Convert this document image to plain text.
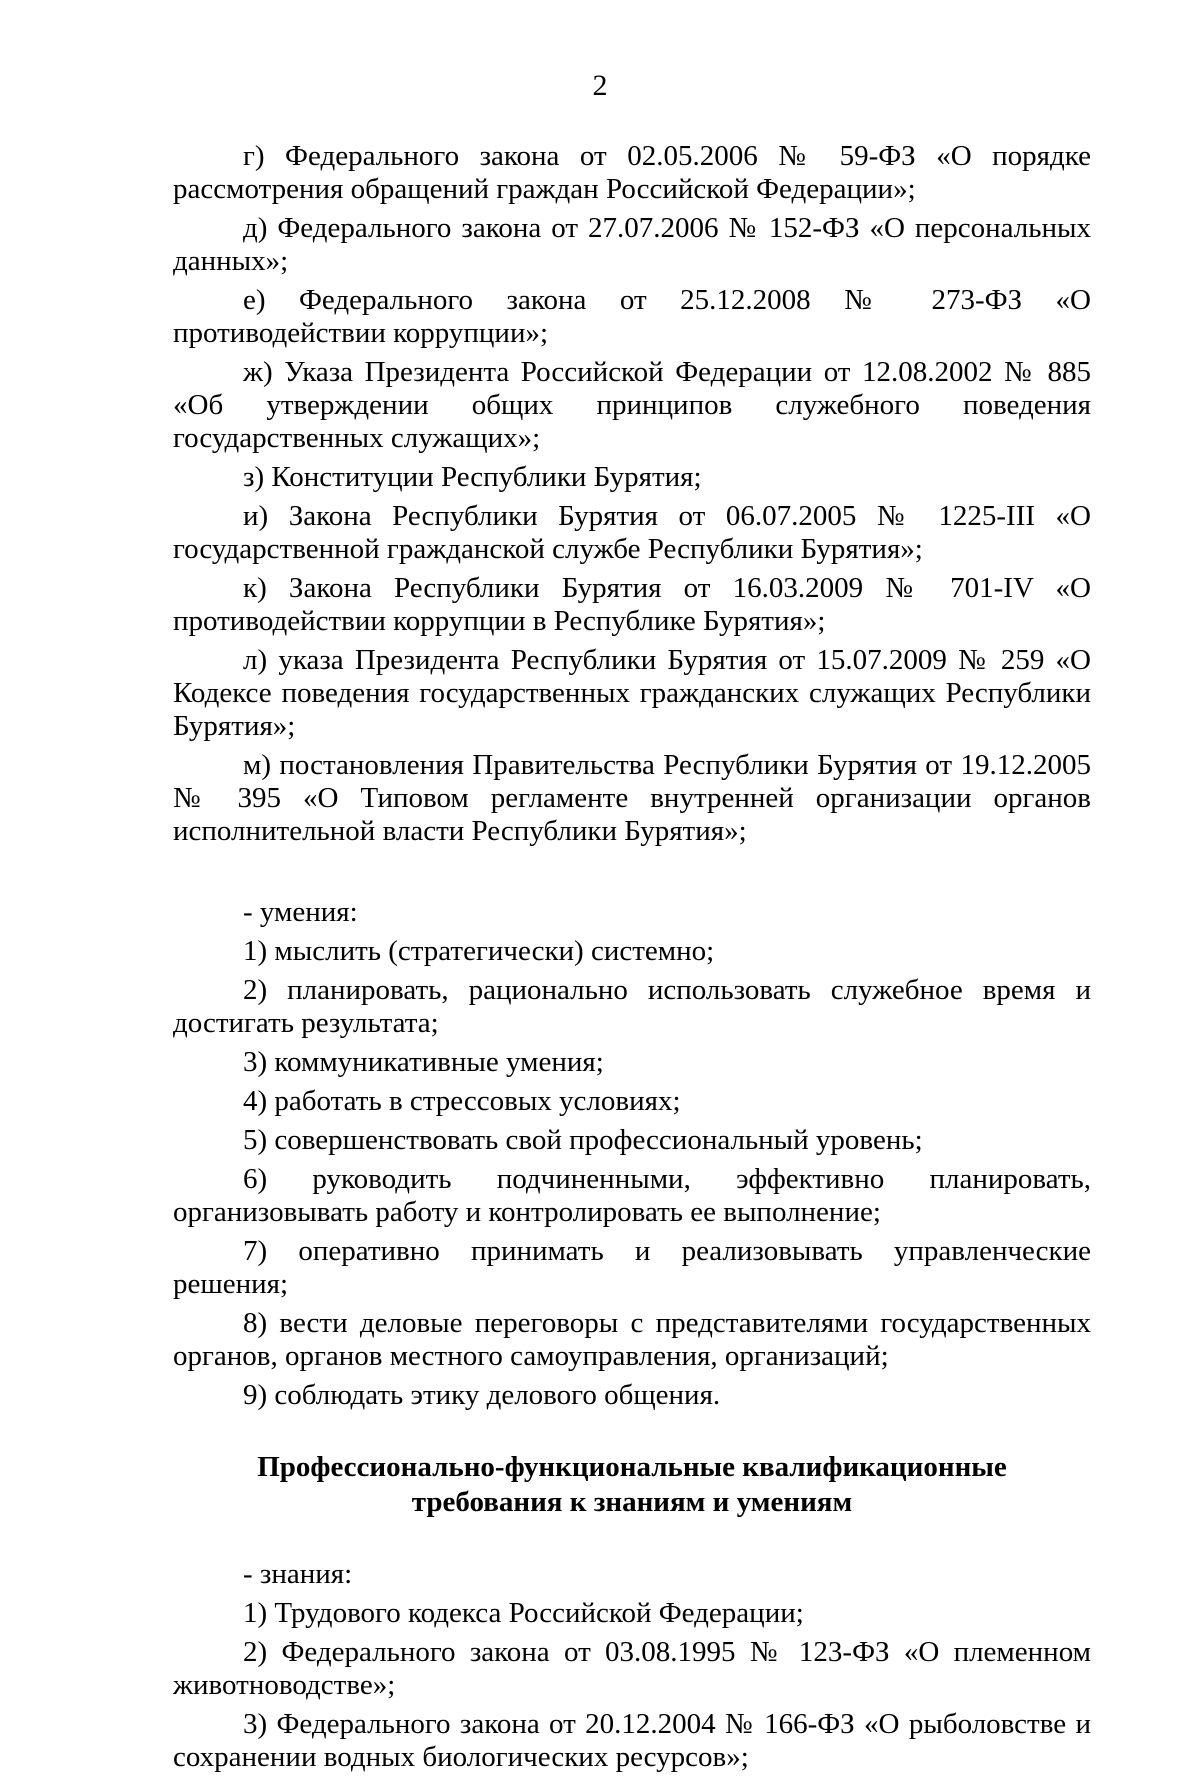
2

г) Федерального закона от 02.05.2006 № 59-ФЗ «О порядке рассмотрения обращений граждан Российской Федерации»;

д) Федерального закона от 27.07.2006 № 152-ФЗ «О персональных данных»;

е) Федерального закона от 25.12.2008 № 273-ФЗ «О противодействии коррупции»;

ж) Указа Президента Российской Федерации от 12.08.2002 № 885 «Об утверждении общих принципов служебного поведения государственных служащих»;

з) Конституции Республики Бурятия;

и) Закона Республики Бурятия от 06.07.2005 № 1225-III «О государственной гражданской службе Республики Бурятия»;

к) Закона Республики Бурятия от 16.03.2009 № 701-IV «О противодействии коррупции в Республике Бурятия»;

л) указа Президента Республики Бурятия от 15.07.2009 № 259 «О Кодексе поведения государственных гражданских служащих Республики Бурятия»;

м) постановления Правительства Республики Бурятия от 19.12.2005 № 395 «О Типовом регламенте внутренней организации органов исполнительной власти Республики Бурятия»;

- умения:

1) мыслить (стратегически) системно;

2) планировать, рационально использовать служебное время и достигать результата;

3) коммуникативные умения;

4) работать в стрессовых условиях;

5) совершенствовать свой профессиональный уровень;

6) руководить подчиненными, эффективно планировать, организовывать работу и контролировать ее выполнение;

7) оперативно принимать и реализовывать управленческие решения;

8) вести деловые переговоры с представителями государственных органов, органов местного самоуправления, организаций;

9) соблюдать этику делового общения.

Профессионально-функциональные квалификационные
требования к знаниям и умениям

- знания:

1) Трудового кодекса Российской Федерации;

2) Федерального закона от 03.08.1995 № 123-ФЗ «О племенном животноводстве»;

3) Федерального закона от 20.12.2004 № 166-ФЗ «О рыболовстве и сохранении водных биологических ресурсов»;
